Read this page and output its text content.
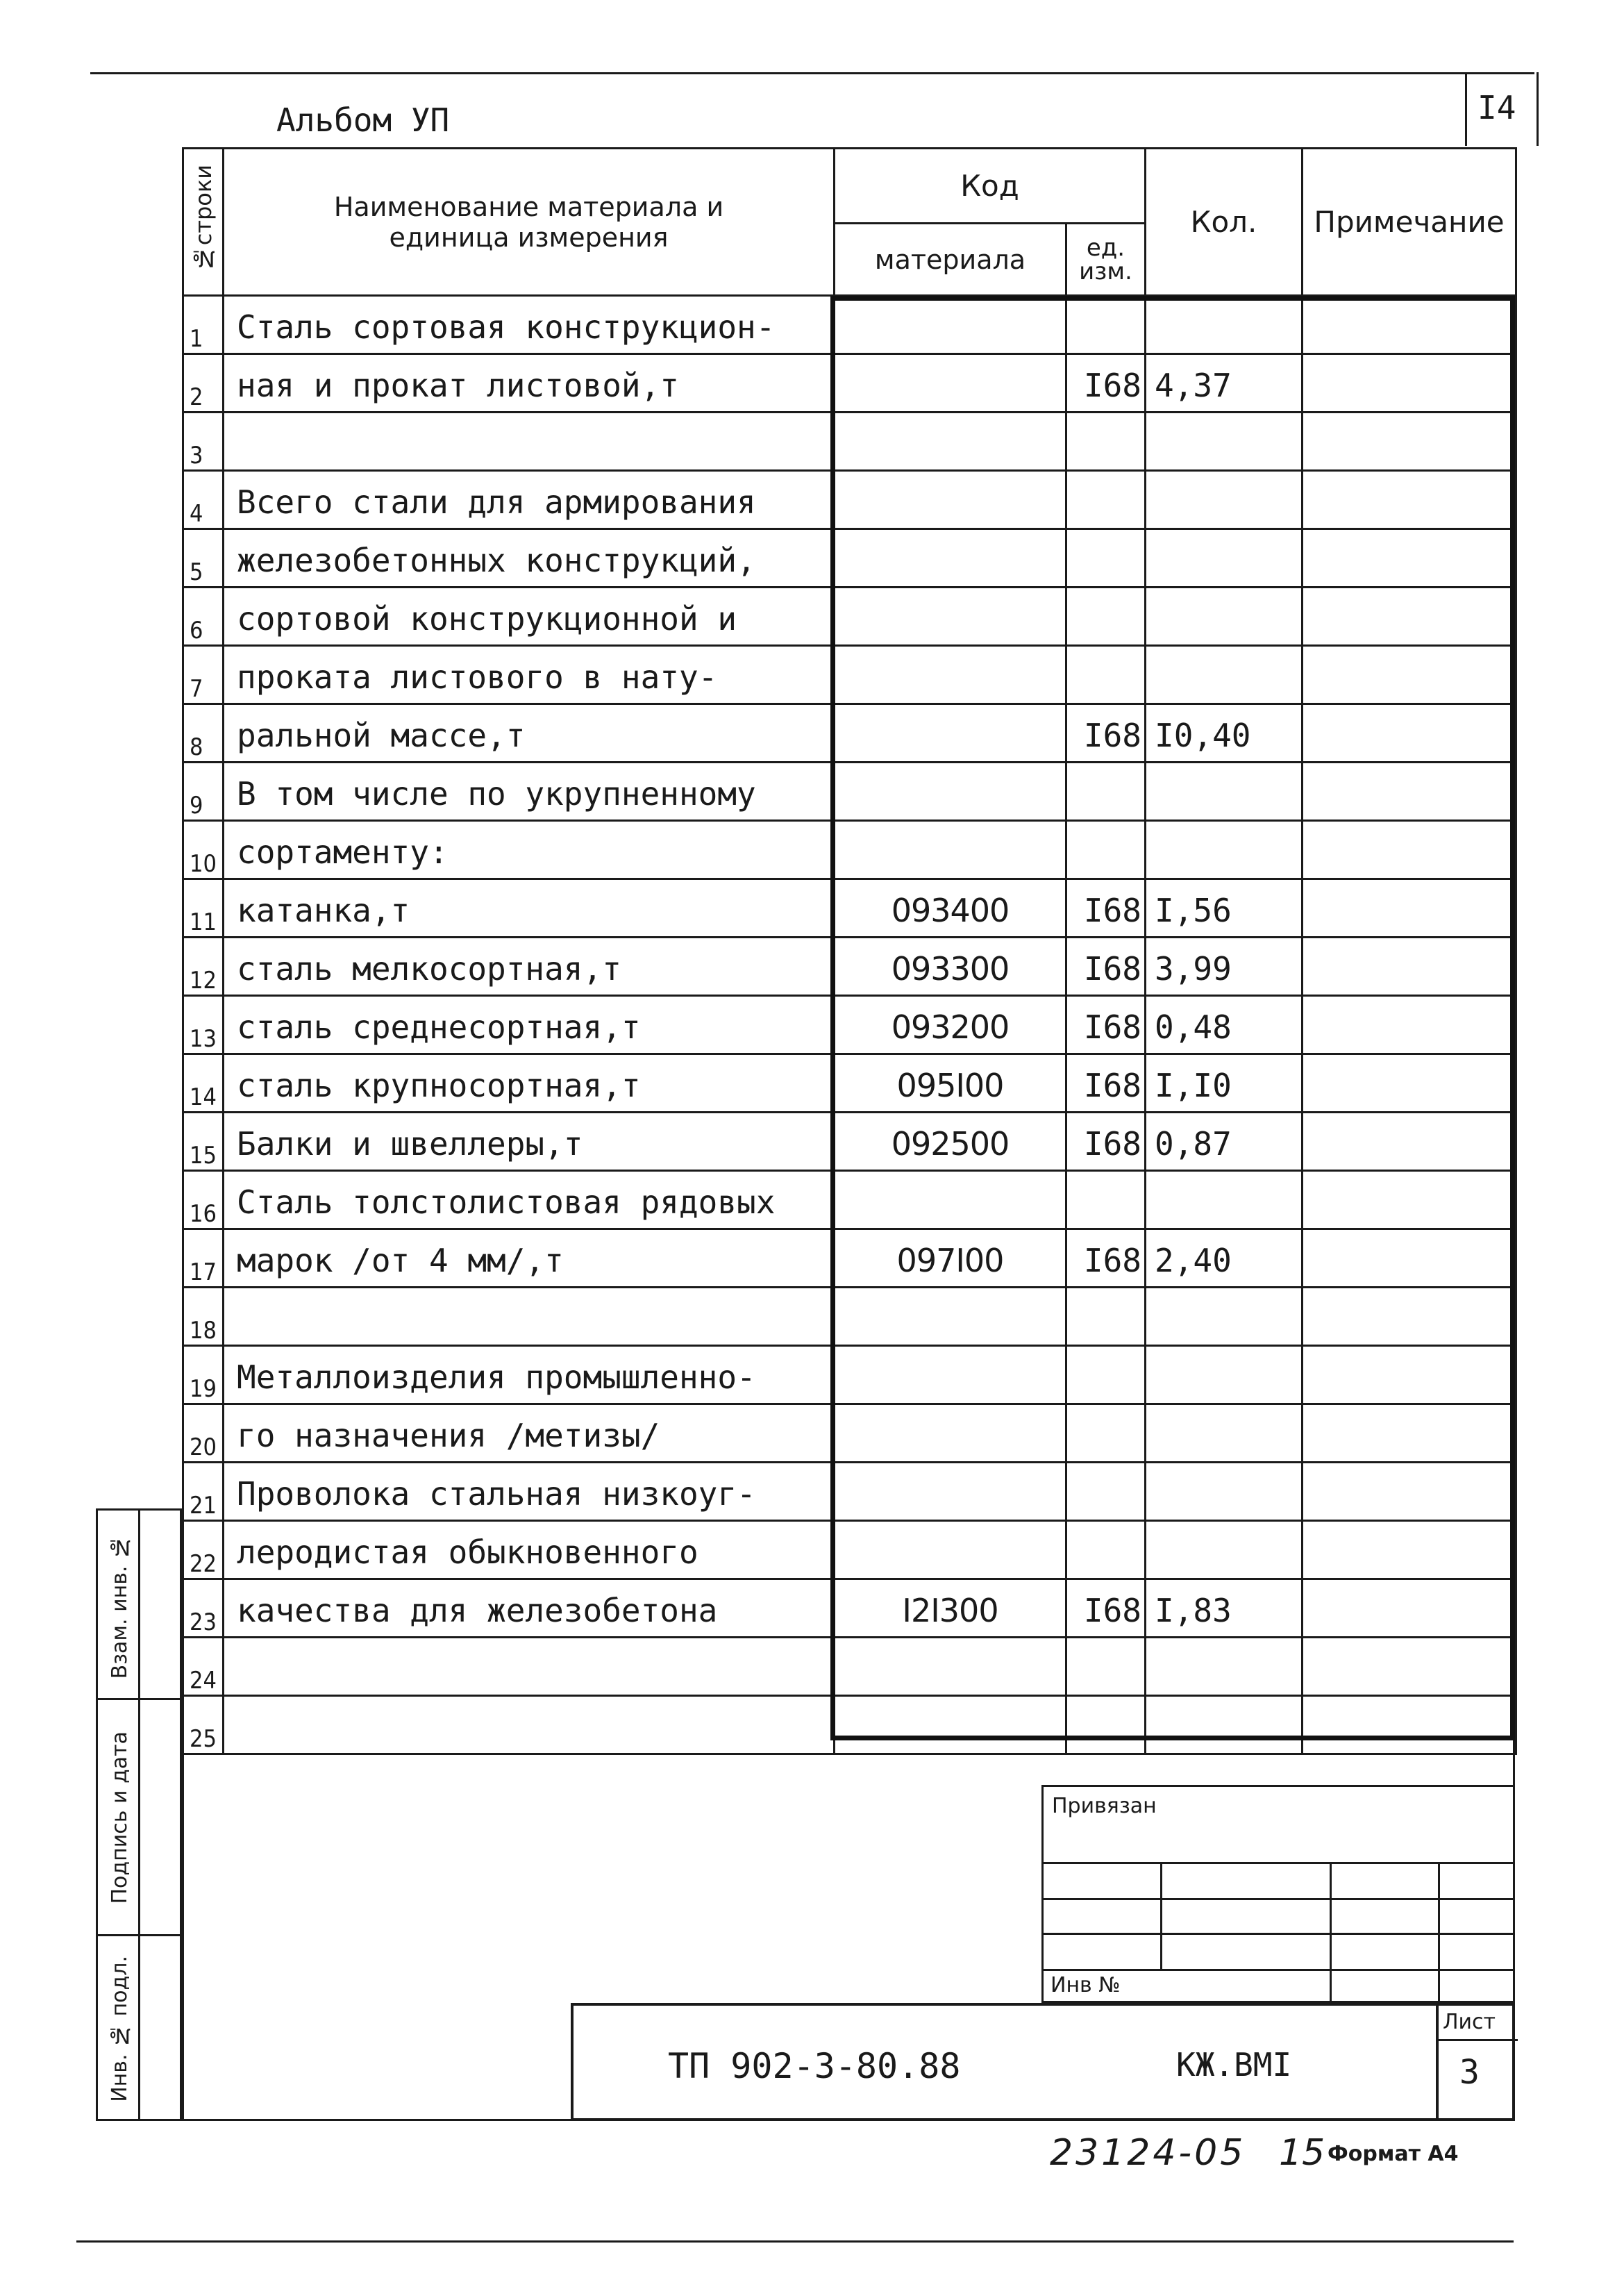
I4
Альбом УП
№строки	Наименование материала и
единица измерения	Код		Кол.	Примечание
		материала	ед.
изм.		

1	Сталь сортовая конструкцион-				
2	ная и прокат листовой,т		I68	4,37	
3					
4	Всего стали для армирования				
5	железобетонных конструкций,				
6	сортовой конструкционной и				
7	проката листового в нату-				
8	ральной массе,т		I68	I0,40	
9	В том числе по укрупненному				
10	сортаменту:				
11	катанка,т	093400	I68	I,56	
12	сталь мелкосортная,т	093300	I68	3,99	
13	сталь среднесортная,т	093200	I68	0,48	
14	сталь крупносортная,т	095I00	I68	I,I0	
15	Балки и швеллеры,т	092500	I68	0,87	
16	Сталь толстолистовая рядовых				
17	марок /от 4 мм/,т	097I00	I68	2,40	
18					
19	Металлоизделия промышленно-				
20	го назначения /метизы/				
21	Проволока стальная низкоуг-				
22	леродистая обыкновенного				
23	качества для железобетона	I2I300	I68	I,83	
24					
25					
Взам. инв. №
Подпись и дата
Инв. № подл.
Привязан
Инв №
ТП 902-3-80.88	КЖ.ВМI
Лист
3
23124-05 15 Формат А4
